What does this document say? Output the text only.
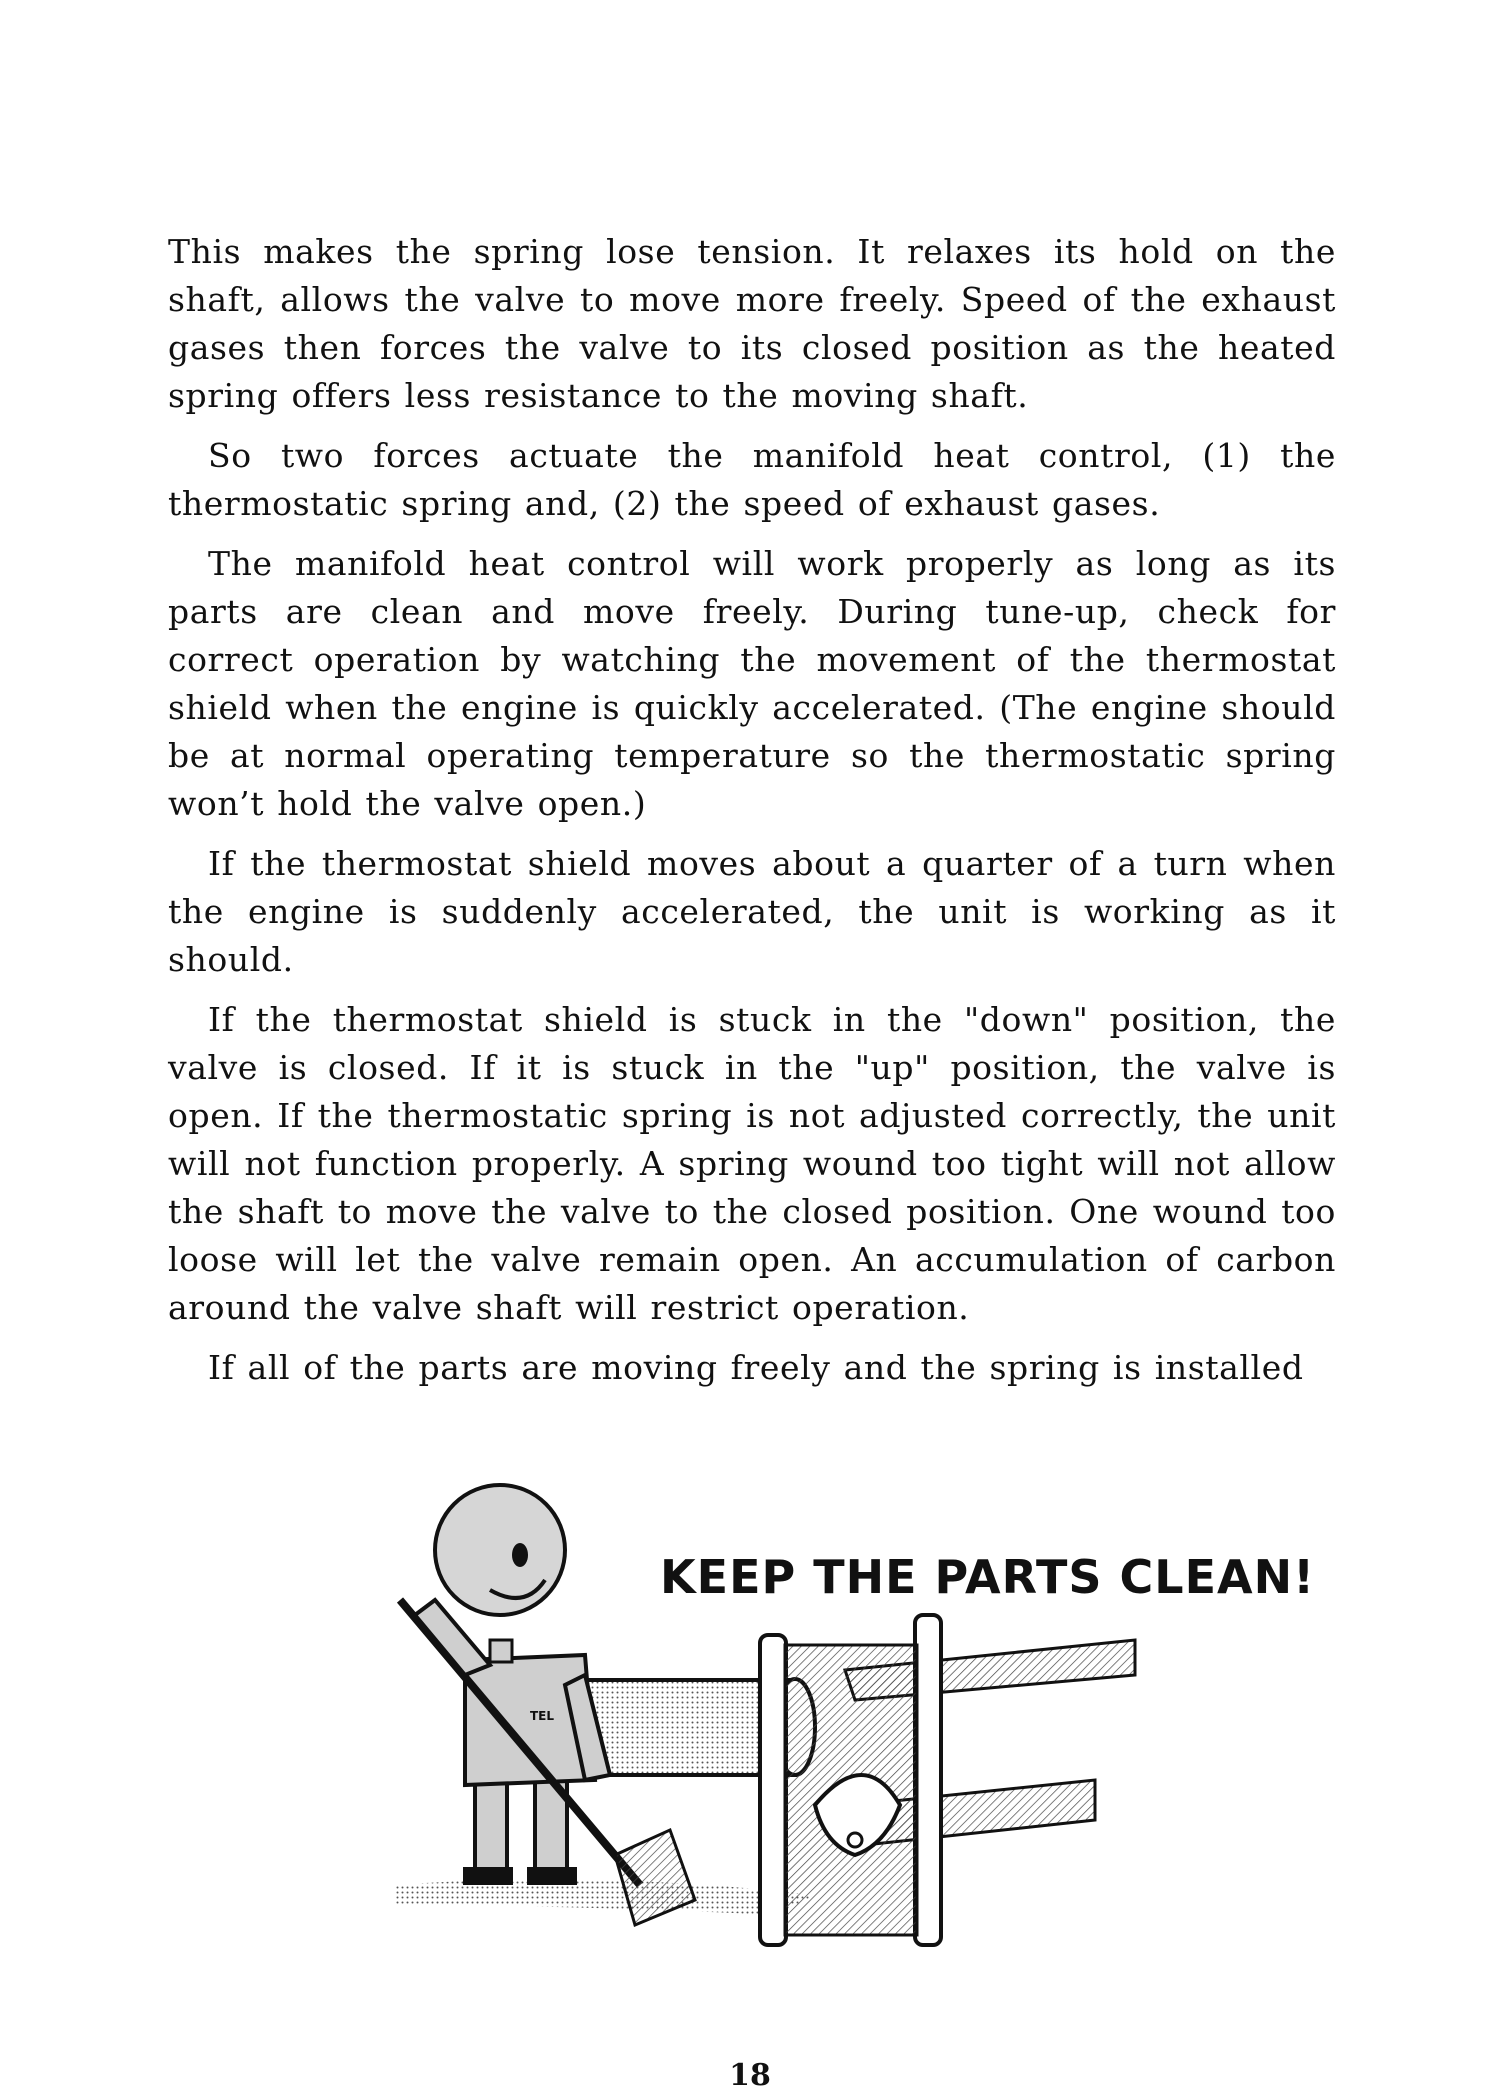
This makes the spring lose tension. It relaxes its hold on the shaft, allows the valve to move more freely. Speed of the exhaust gases then forces the valve to its closed position as the heated spring offers less resistance to the moving shaft.

So two forces actuate the manifold heat control, (1) the thermostatic spring and, (2) the speed of exhaust gases.

The manifold heat control will work properly as long as its parts are clean and move freely. During tune-up, check for correct operation by watching the movement of the thermostat shield when the engine is quickly accelerated. (The engine should be at normal operating temperature so the thermostatic spring won’t hold the valve open.)

If the thermostat shield moves about a quarter of a turn when the engine is suddenly accelerated, the unit is working as it should.

If the thermostat shield is stuck in the "down" position, the valve is closed. If it is stuck in the "up" position, the valve is open. If the thermostatic spring is not adjusted correctly, the unit will not function properly. A spring wound too tight will not allow the shaft to move the valve to the closed position. One wound too loose will let the valve remain open. An accumulation of carbon around the valve shaft will restrict operation.

If all of the parts are moving freely and the spring is installed

KEEP THE PARTS CLEAN!
TEL
18
